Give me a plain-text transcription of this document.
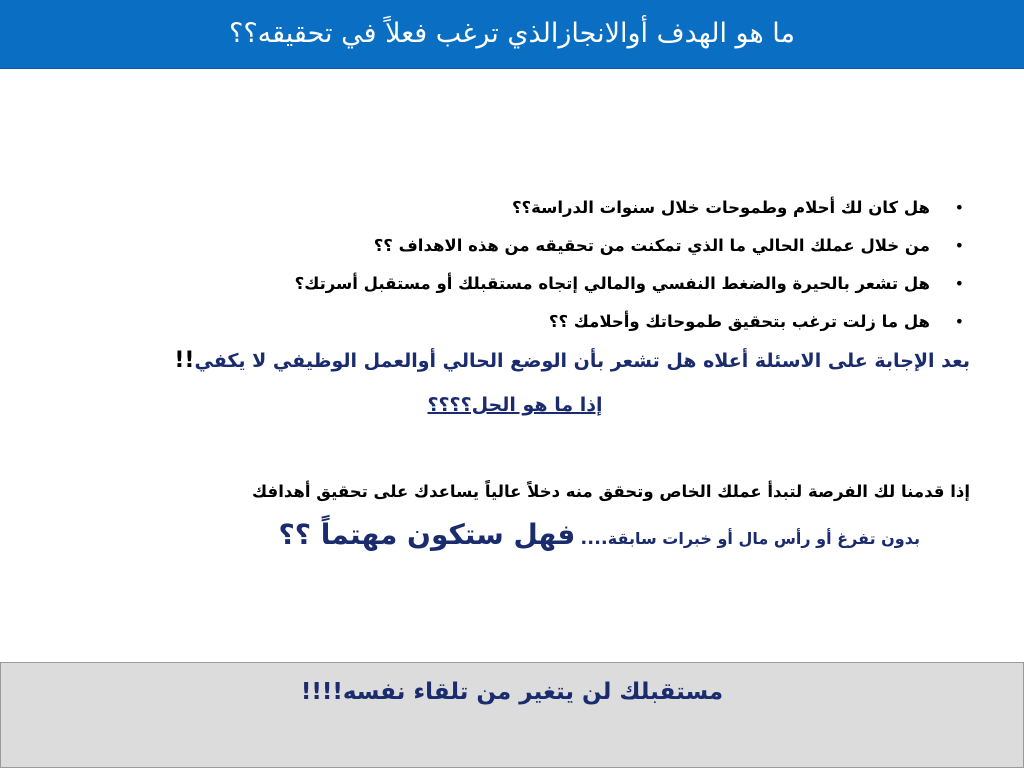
ما هو الهدف أوالانجازالذي ترغب فعلاً في تحقيقه؟؟
•
هل كان لك أحلام وطموحات خلال سنوات الدراسة؟؟
•
من خلال عملك الحالي ما الذي تمكنت من تحقيقه من هذه الاهداف ؟؟
•
هل تشعر بالحيرة والضغط النفسي والمالي إتجاه مستقبلك أو مستقبل أسرتك؟
•
هل ما زلت ترغب بتحقيق طموحاتك وأحلامك ؟؟
بعد الإجابة على الاسئلة أعلاه هل تشعر بأن الوضع الحالي أوالعمل الوظيفي لا يكفي!!
إذا ما هو الحل؟؟؟؟
إذا قدمنا لك الفرصة لتبدأ عملك الخاص وتحقق منه دخلاً عالياً يساعدك على تحقيق أهدافك
بدون تفرغ أو رأس مال أو خبرات سابقة.... فهل ستكون مهتماً ؟؟
مستقبلك لن يتغير من تلقاء نفسه!!!!
